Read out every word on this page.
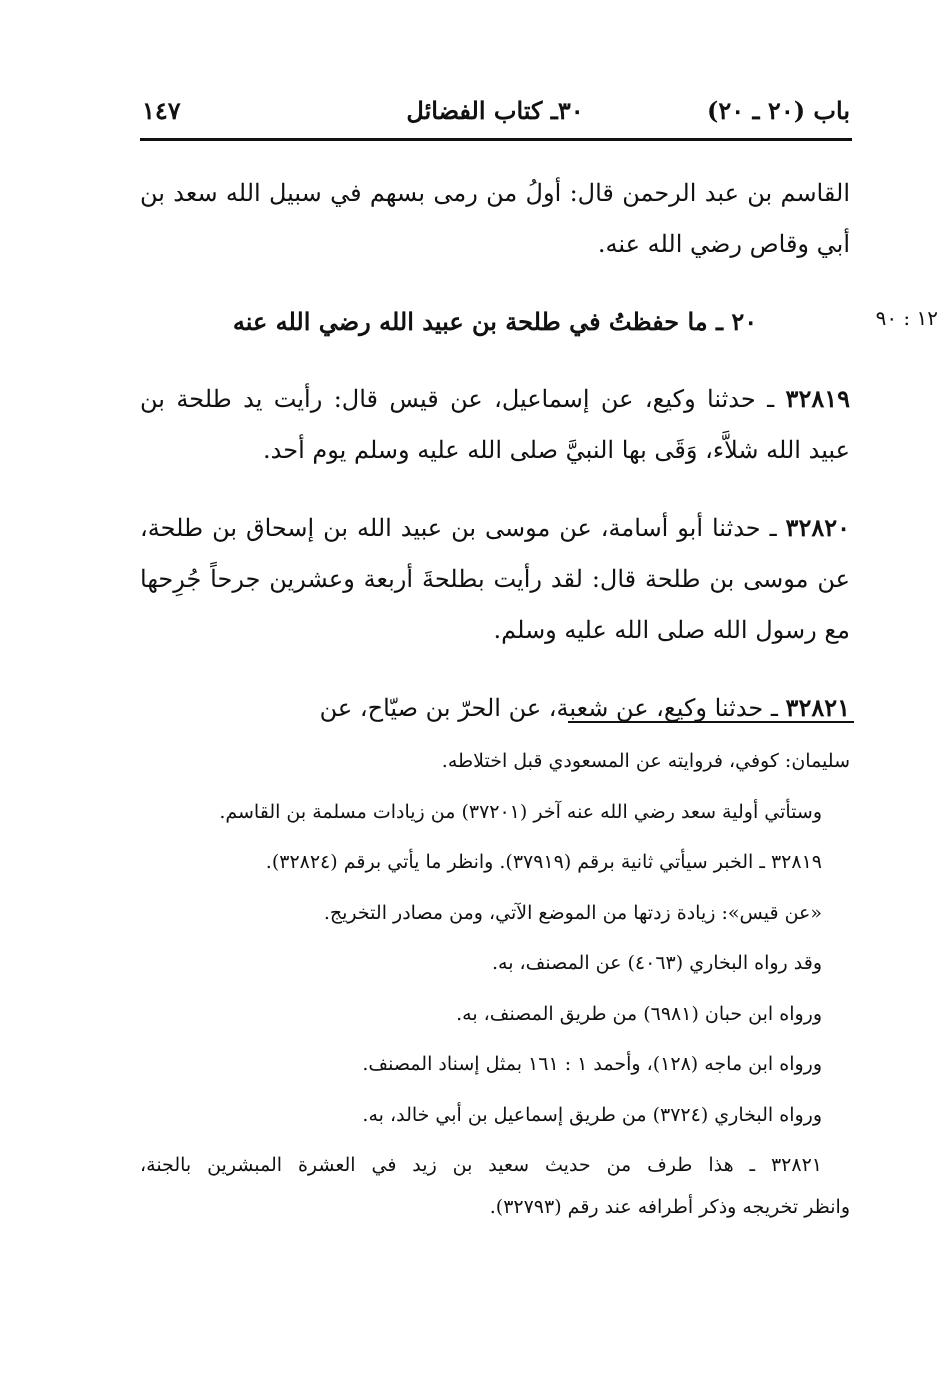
باب (٢٠ ـ ٢٠)
٣٠ـ كتاب الفضائل
١٤٧
١٢ : ٩٠

القاسم بن عبد الرحمن قال: أولُ من رمى بسهم في سبيل الله سعد بن أبي وقاص رضي الله عنه.

٢٠ ـ ما حفظتُ في طلحة بن عبيد الله رضي الله عنه

٣٢٨١٩ ـ حدثنا وكيع، عن إسماعيل، عن قيس قال: رأيت يد طلحة بن عبيد الله شلاَّء، وَقَى بها النبيَّ صلى الله عليه وسلم يوم أحد.

٣٢٨٢٠ ـ حدثنا أبو أسامة، عن موسى بن عبيد الله بن إسحاق بن طلحة، عن موسى بن طلحة قال: لقد رأيت بطلحةَ أربعة وعشرين جرحاً جُرِحها مع رسول الله صلى الله عليه وسلم.

٣٢٨٢١ ـ حدثنا وكيع، عن شعبة، عن الحرّ بن صيّاح، عن

سليمان: كوفي، فروايته عن المسعودي قبل اختلاطه.
وستأتي أولية سعد رضي الله عنه آخر (٣٧٢٠١) من زيادات مسلمة بن القاسم.
٣٢٨١٩ ـ الخبر سيأتي ثانية برقم (٣٧٩١٩). وانظر ما يأتي برقم (٣٢٨٢٤).
«عن قيس»: زيادة زدتها من الموضع الآتي، ومن مصادر التخريج.
وقد رواه البخاري (٤٠٦٣) عن المصنف، به.
ورواه ابن حبان (٦٩٨١) من طريق المصنف، به.
ورواه ابن ماجه (١٢٨)، وأحمد ١ : ١٦١ بمثل إسناد المصنف.
ورواه البخاري (٣٧٢٤) من طريق إسماعيل بن أبي خالد، به.
٣٢٨٢١ ـ هذا طرف من حديث سعيد بن زيد في العشرة المبشرين بالجنة،
وانظر تخريجه وذكر أطرافه عند رقم (٣٢٧٩٣).
